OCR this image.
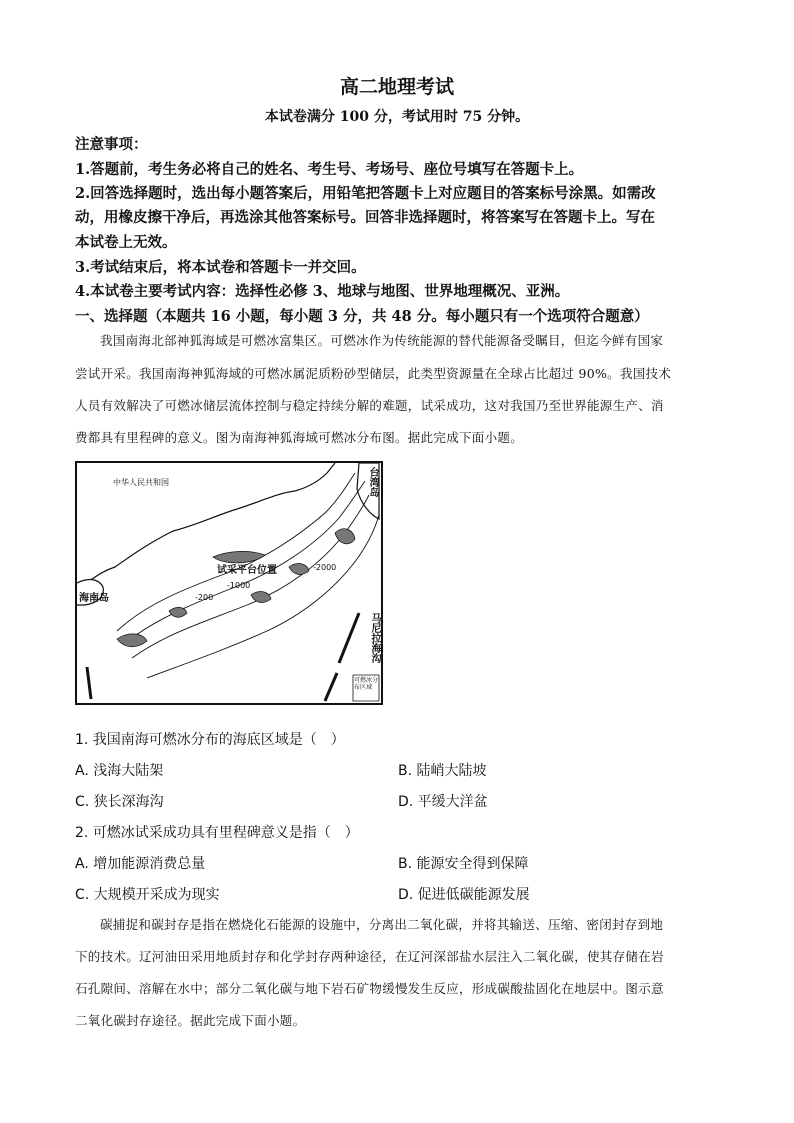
高二地理考试
本试卷满分 100 分，考试用时 75 分钟。
注意事项：
1.答题前，考生务必将自己的姓名、考生号、考场号、座位号填写在答题卡上。
2.回答选择题时，选出每小题答案后，用铅笔把答题卡上对应题目的答案标号涂黑。如需改
动，用橡皮擦干净后，再选涂其他答案标号。回答非选择题时，将答案写在答题卡上。写在
本试卷上无效。
3.考试结束后，将本试卷和答题卡一并交回。
4.本试卷主要考试内容：选择性必修 3、地球与地图、世界地理概况、亚洲。
一、选择题（本题共 16 小题，每小题 3 分，共 48 分。每小题只有一个选项符合题意）
我国南海北部神狐海域是可燃冰富集区。可燃冰作为传统能源的替代能源备受瞩目，但迄今鲜有国家
尝试开采。我国南海神狐海域的可燃冰属泥质粉砂型储层，此类型资源量在全球占比超过 90%。我国技术
人员有效解决了可燃冰储层流体控制与稳定持续分解的难题，试采成功，这对我国乃至世界能源生产、消
费都具有里程碑的意义。图为南海神狐海域可燃冰分布图。据此完成下面小题。
中华人民共和国	台湾岛
海南岛
试采平台位置
-1000
-2000
-200
马尼拉海沟
可燃冰分布区域
1. 我国南海可燃冰分布的海底区域是（　）
A. 浅海大陆架	B. 陆峭大陆坡
C. 狭长深海沟	D. 平缓大洋盆
2. 可燃冰试采成功具有里程碑意义是指（　）
A. 增加能源消费总量	B. 能源安全得到保障
C. 大规模开采成为现实	D. 促进低碳能源发展
碳捕捉和碳封存是指在燃烧化石能源的设施中，分离出二氧化碳，并将其输送、压缩、密闭封存到地
下的技术。辽河油田采用地质封存和化学封存两种途径，在辽河深部盐水层注入二氧化碳，使其存储在岩
石孔隙间、溶解在水中；部分二氧化碳与地下岩石矿物缓慢发生反应，形成碳酸盐固化在地层中。图示意
二氧化碳封存途径。据此完成下面小题。
